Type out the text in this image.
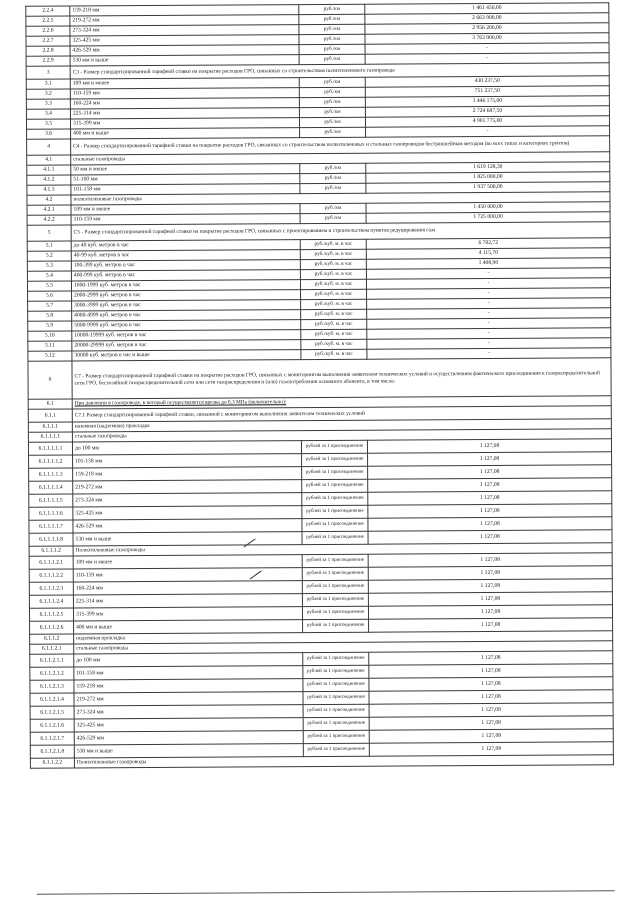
2.2.4	159-218 мм	руб./км	1 461 450,00
2.2.5	219-272 мм	руб./км	2 663 900,00
2.2.6	273-324 мм	руб./км	2 956 200,00
2.2.7	325-425 мм	руб./км	3 763 900,00
2.2.8	426-529 мм	руб./км	-
2.2.9	530 мм и выше	руб./км	-
3	С3 - Размер стандартизированной тарифной ставки на покрытие расходов ГРО, связанных со строительством полиэтиленового газопровода		
3.1	109 мм и менее	руб./км	430 237,50
3.2	110-159 мм	руб./км	751 237,50
3.3	160-224 мм	руб./км	1 446 175,00
3.4	225-314 мм	руб./км	2 724 687,50
3.5	315-399 мм	руб./км	4 901 775,00
3.6	400 мм и выше	руб./км	-
4	С4 - Размер стандартизированной тарифной ставки на покрытие расходов ГРО, связанных со строительством полиэтиленовых и стальных газопроводов бестраншейным методом (во всех типах и категориях грунтов)		
4.1	стальные газопроводы		
4.1.1	50 мм и менее	руб./км	1 619 128,30
4.1.2	51-100 мм	руб./км	1 825 000,00
4.1.3	101-158 мм	руб./км	1 937 500,00
4.2	полиэтиленовые газопроводы		
4.2.1	109 мм и менее	руб./км	1 450 000,00
4.2.2	110-159 мм	руб./км	1 725 000,00
5	С5 - Размер стандартизированной тарифной ставки на покрытие расходов ГРО, связанных с проектированием и строительством пунктов редуцирования газа		
5.1	до 40 куб. метров в час	руб./куб. м. в час	6 702,72
5.2	40-99 куб. метров в час	руб./куб. м. в час	4 115,70
5.3	100-399 куб. метров в час	руб./куб. м. в час	1 408,90
5.4	400-999 куб. метров в час	руб./куб. м. в час	-
5.5	1000-1999 куб. метров в час	руб./куб. м. в час	-
5.6	2000-2999 куб. метров в час	руб./куб. м. в час	-
5.7	3000-3999 куб. метров в час	руб./куб. м. в час	-
5.8	4000-4999 куб. метров в час	руб./куб. м. в час	-
5.9	5000-9999 куб. метров в час	руб./куб. м. в час	-
5.10	10000-19999 куб. метров в час	руб./куб. м. в час	-
5.11	20000-29999 куб. метров в час	руб./куб. м. в час	-
5.12	30000 куб. метров в час и выше	руб./куб. м. в час	-
6	С7 - Размер стандартизированной тарифной ставки на покрытие расходов ГРО, связанных с мониторингом выполнения заявителем технических условий и осуществлением фактического присоединения к газораспределительной сети ГРО, бесхозяйной газораспределительной сети или сети газораспределения и (или) газопотребления основного абонента, в том числе:		
6.1	При давлении в газопроводе, в который осуществляется врезка до 0,3 МПа (включительно):		
6.1.1	С7.1 Размер стандартизированной тарифной ставки, связанной с мониторингом выполнения заявителем технических условий		
6.1.1.1	наземная (надземная) прокладка		
6.1.1.1.1	стальные газопроводы		
6.1.1.1.1.1	до 100 мм	рублей за 1 присоединение	1 127,08
6.1.1.1.1.2	101-158 мм	рублей за 1 присоединение	1 127,08
6.1.1.1.1.3	159-218 мм	рублей за 1 присоединение	1 127,08
6.1.1.1.1.4	219-272 мм	рублей за 1 присоединение	1 127,08
6.1.1.1.1.5	273-324 мм	рублей за 1 присоединение	1 127,08
6.1.1.1.1.6	325-425 мм	рублей за 1 присоединение	1 127,08
6.1.1.1.1.7	426-529 мм	рублей за 1 присоединение	1 127,08
6.1.1.1.1.8	530 мм и выше	рублей за 1 присоединение	1 127,08
6.1.1.1.2	Полиэтиленовые газопроводы		
6.1.1.1.2.1	109 мм и менее	рублей за 1 присоединение	1 127,08
6.1.1.1.2.2	110-159 мм	рублей за 1 присоединение	1 127,08
6.1.1.1.2.3	160-224 мм	рублей за 1 присоединение	1 127,08
6.1.1.1.2.4	225-314 мм	рублей за 1 присоединение	1 127,08
6.1.1.1.2.5	315-399 мм	рублей за 1 присоединение	1 127,08
6.1.1.1.2.6	400 мм и выше	рублей за 1 присоединение	1 127,08
6.1.1.2	подземная прокладка		
6.1.1.2.1	стальные газопроводы		
6.1.1.2.1.1	до 100 мм	рублей за 1 присоединение	1 127,08
6.1.1.2.1.2	101-158 мм	рублей за 1 присоединение	1 127,08
6.1.1.2.1.3	159-218 мм	рублей за 1 присоединение	1 127,08
6.1.1.2.1.4	219-272 мм	рублей за 1 присоединение	1 127,08
6.1.1.2.1.5	273-324 мм	рублей за 1 присоединение	1 127,08
6.1.1.2.1.6	325-425 мм	рублей за 1 присоединение	1 127,08
6.1.1.2.1.7	426-529 мм	рублей за 1 присоединение	1 127,08
6.1.1.2.1.8	530 мм и выше	рублей за 1 присоединение	1 127,08
6.1.1.2.2	Полиэтиленовые газопроводы		
